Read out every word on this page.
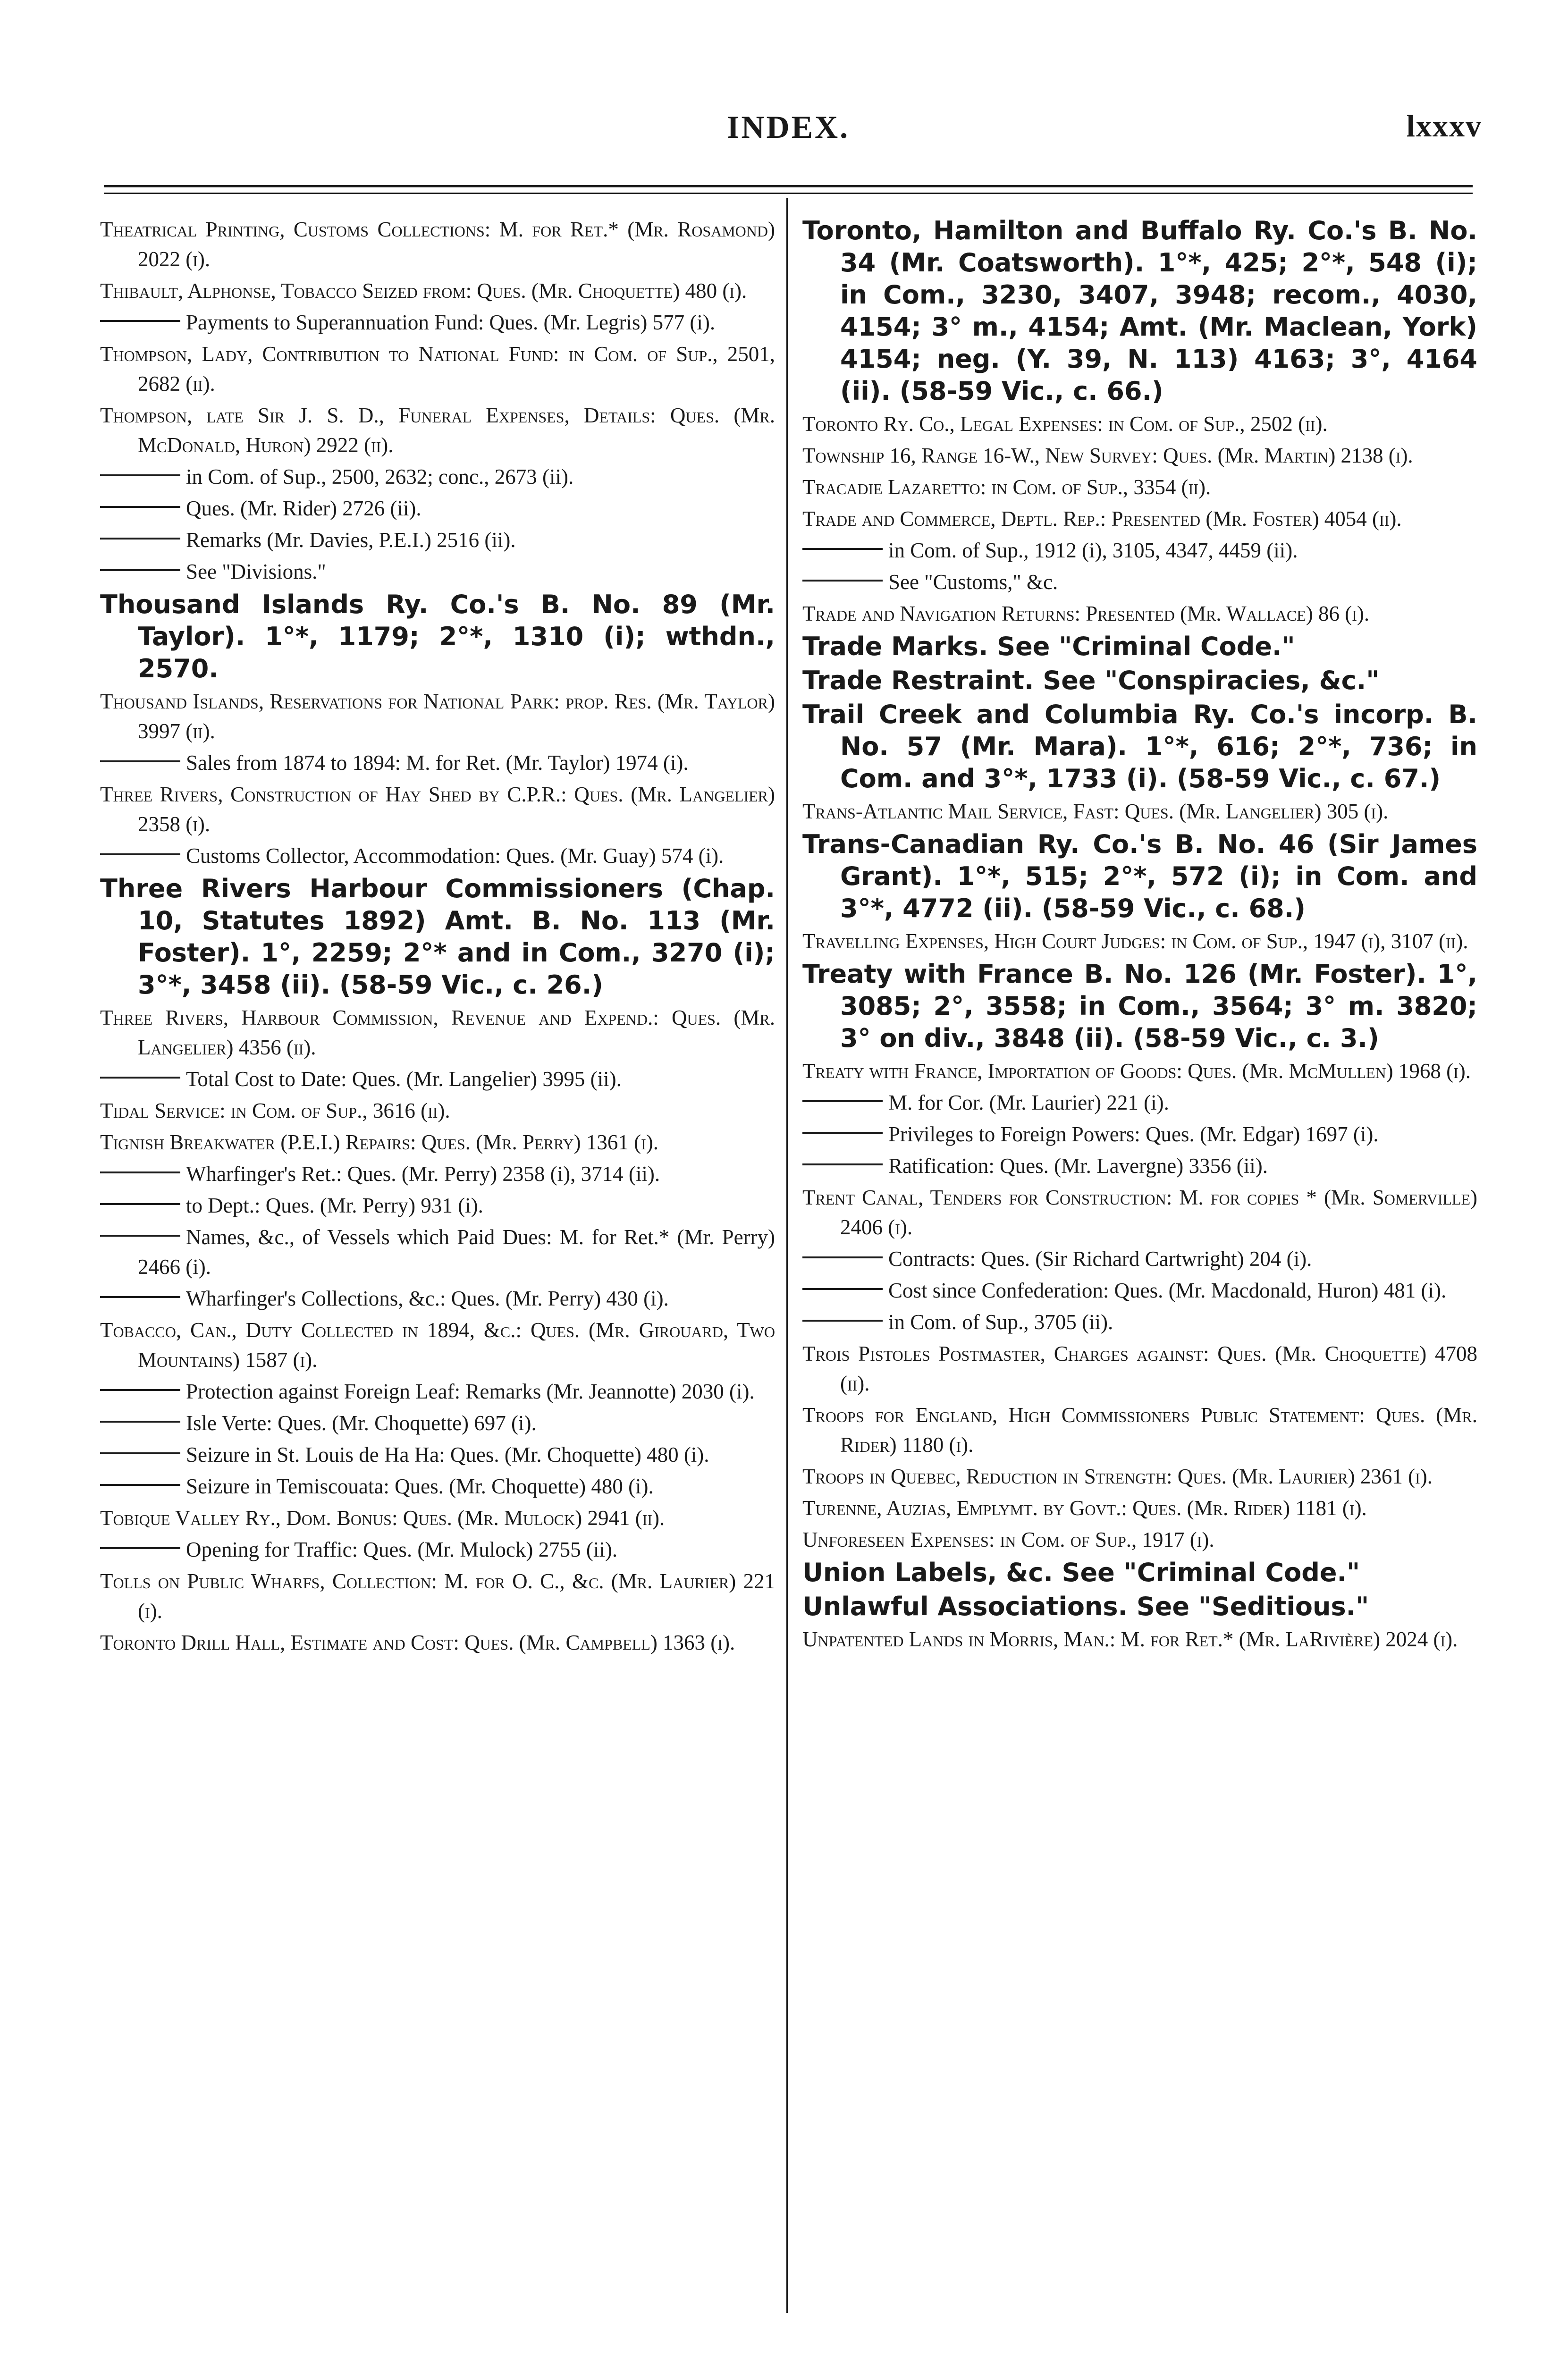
INDEX.	lxxxv

Theatrical Printing, Customs Collections: M. for Ret.* (Mr. Rosamond) 2022 (i).

Thibault, Alphonse, Tobacco Seized from: Ques. (Mr. Choquette) 480 (i).

Payments to Superannuation Fund: Ques. (Mr. Legris) 577 (i).

Thompson, Lady, Contribution to National Fund: in Com. of Sup., 2501, 2682 (ii).

Thompson, late Sir J. S. D., Funeral Expenses, Details: Ques. (Mr. McDonald, Huron) 2922 (ii).

in Com. of Sup., 2500, 2632; conc., 2673 (ii).

Ques. (Mr. Rider) 2726 (ii).

Remarks (Mr. Davies, P.E.I.) 2516 (ii).

See "Divisions."

Thousand Islands Ry. Co.'s B. No. 89 (Mr. Taylor). 1°*, 1179; 2°*, 1310 (i); wthdn., 2570.

Thousand Islands, Reservations for National Park: prop. Res. (Mr. Taylor) 3997 (ii).

Sales from 1874 to 1894: M. for Ret. (Mr. Taylor) 1974 (i).

Three Rivers, Construction of Hay Shed by C.P.R.: Ques. (Mr. Langelier) 2358 (i).

Customs Collector, Accommodation: Ques. (Mr. Guay) 574 (i).

Three Rivers Harbour Commissioners (Chap. 10, Statutes 1892) Amt. B. No. 113 (Mr. Foster). 1°, 2259; 2°* and in Com., 3270 (i); 3°*, 3458 (ii). (58-59 Vic., c. 26.)

Three Rivers, Harbour Commission, Revenue and Expend.: Ques. (Mr. Langelier) 4356 (ii).

Total Cost to Date: Ques. (Mr. Langelier) 3995 (ii).

Tidal Service: in Com. of Sup., 3616 (ii).

Tignish Breakwater (P.E.I.) Repairs: Ques. (Mr. Perry) 1361 (i).

Wharfinger's Ret.: Ques. (Mr. Perry) 2358 (i), 3714 (ii).

to Dept.: Ques. (Mr. Perry) 931 (i).

Names, &c., of Vessels which Paid Dues: M. for Ret.* (Mr. Perry) 2466 (i).

Wharfinger's Collections, &c.: Ques. (Mr. Perry) 430 (i).

Tobacco, Can., Duty Collected in 1894, &c.: Ques. (Mr. Girouard, Two Mountains) 1587 (i).

Protection against Foreign Leaf: Remarks (Mr. Jeannotte) 2030 (i).

Isle Verte: Ques. (Mr. Choquette) 697 (i).

Seizure in St. Louis de Ha Ha: Ques. (Mr. Choquette) 480 (i).

Seizure in Temiscouata: Ques. (Mr. Choquette) 480 (i).

Tobique Valley Ry., Dom. Bonus: Ques. (Mr. Mulock) 2941 (ii).

Opening for Traffic: Ques. (Mr. Mulock) 2755 (ii).

Tolls on Public Wharfs, Collection: M. for O. C., &c. (Mr. Laurier) 221 (i).

Toronto Drill Hall, Estimate and Cost: Ques. (Mr. Campbell) 1363 (i).

Toronto, Hamilton and Buffalo Ry. Co.'s B. No. 34 (Mr. Coatsworth). 1°*, 425; 2°*, 548 (i); in Com., 3230, 3407, 3948; recom., 4030, 4154; 3° m., 4154; Amt. (Mr. Maclean, York) 4154; neg. (Y. 39, N. 113) 4163; 3°, 4164 (ii). (58-59 Vic., c. 66.)

Toronto Ry. Co., Legal Expenses: in Com. of Sup., 2502 (ii).

Township 16, Range 16-W., New Survey: Ques. (Mr. Martin) 2138 (i).

Tracadie Lazaretto: in Com. of Sup., 3354 (ii).

Trade and Commerce, Deptl. Rep.: Presented (Mr. Foster) 4054 (ii).

in Com. of Sup., 1912 (i), 3105, 4347, 4459 (ii).

See "Customs," &c.

Trade and Navigation Returns: Presented (Mr. Wallace) 86 (i).

Trade Marks. See "Criminal Code."

Trade Restraint. See "Conspiracies, &c."

Trail Creek and Columbia Ry. Co.'s incorp. B. No. 57 (Mr. Mara). 1°*, 616; 2°*, 736; in Com. and 3°*, 1733 (i). (58-59 Vic., c. 67.)

Trans-Atlantic Mail Service, Fast: Ques. (Mr. Langelier) 305 (i).

Trans-Canadian Ry. Co.'s B. No. 46 (Sir James Grant). 1°*, 515; 2°*, 572 (i); in Com. and 3°*, 4772 (ii). (58-59 Vic., c. 68.)

Travelling Expenses, High Court Judges: in Com. of Sup., 1947 (i), 3107 (ii).

Treaty with France B. No. 126 (Mr. Foster). 1°, 3085; 2°, 3558; in Com., 3564; 3° m. 3820; 3° on div., 3848 (ii). (58-59 Vic., c. 3.)

Treaty with France, Importation of Goods: Ques. (Mr. McMullen) 1968 (i).

M. for Cor. (Mr. Laurier) 221 (i).

Privileges to Foreign Powers: Ques. (Mr. Edgar) 1697 (i).

Ratification: Ques. (Mr. Lavergne) 3356 (ii).

Trent Canal, Tenders for Construction: M. for copies * (Mr. Somerville) 2406 (i).

Contracts: Ques. (Sir Richard Cartwright) 204 (i).

Cost since Confederation: Ques. (Mr. Macdonald, Huron) 481 (i).

in Com. of Sup., 3705 (ii).

Trois Pistoles Postmaster, Charges against: Ques. (Mr. Choquette) 4708 (ii).

Troops for England, High Commissioners Public Statement: Ques. (Mr. Rider) 1180 (i).

Troops in Quebec, Reduction in Strength: Ques. (Mr. Laurier) 2361 (i).

Turenne, Auzias, Emplymt. by Govt.: Ques. (Mr. Rider) 1181 (i).

Unforeseen Expenses: in Com. of Sup., 1917 (i).

Union Labels, &c. See "Criminal Code."

Unlawful Associations. See "Seditious."

Unpatented Lands in Morris, Man.: M. for Ret.* (Mr. LaRivière) 2024 (i).
